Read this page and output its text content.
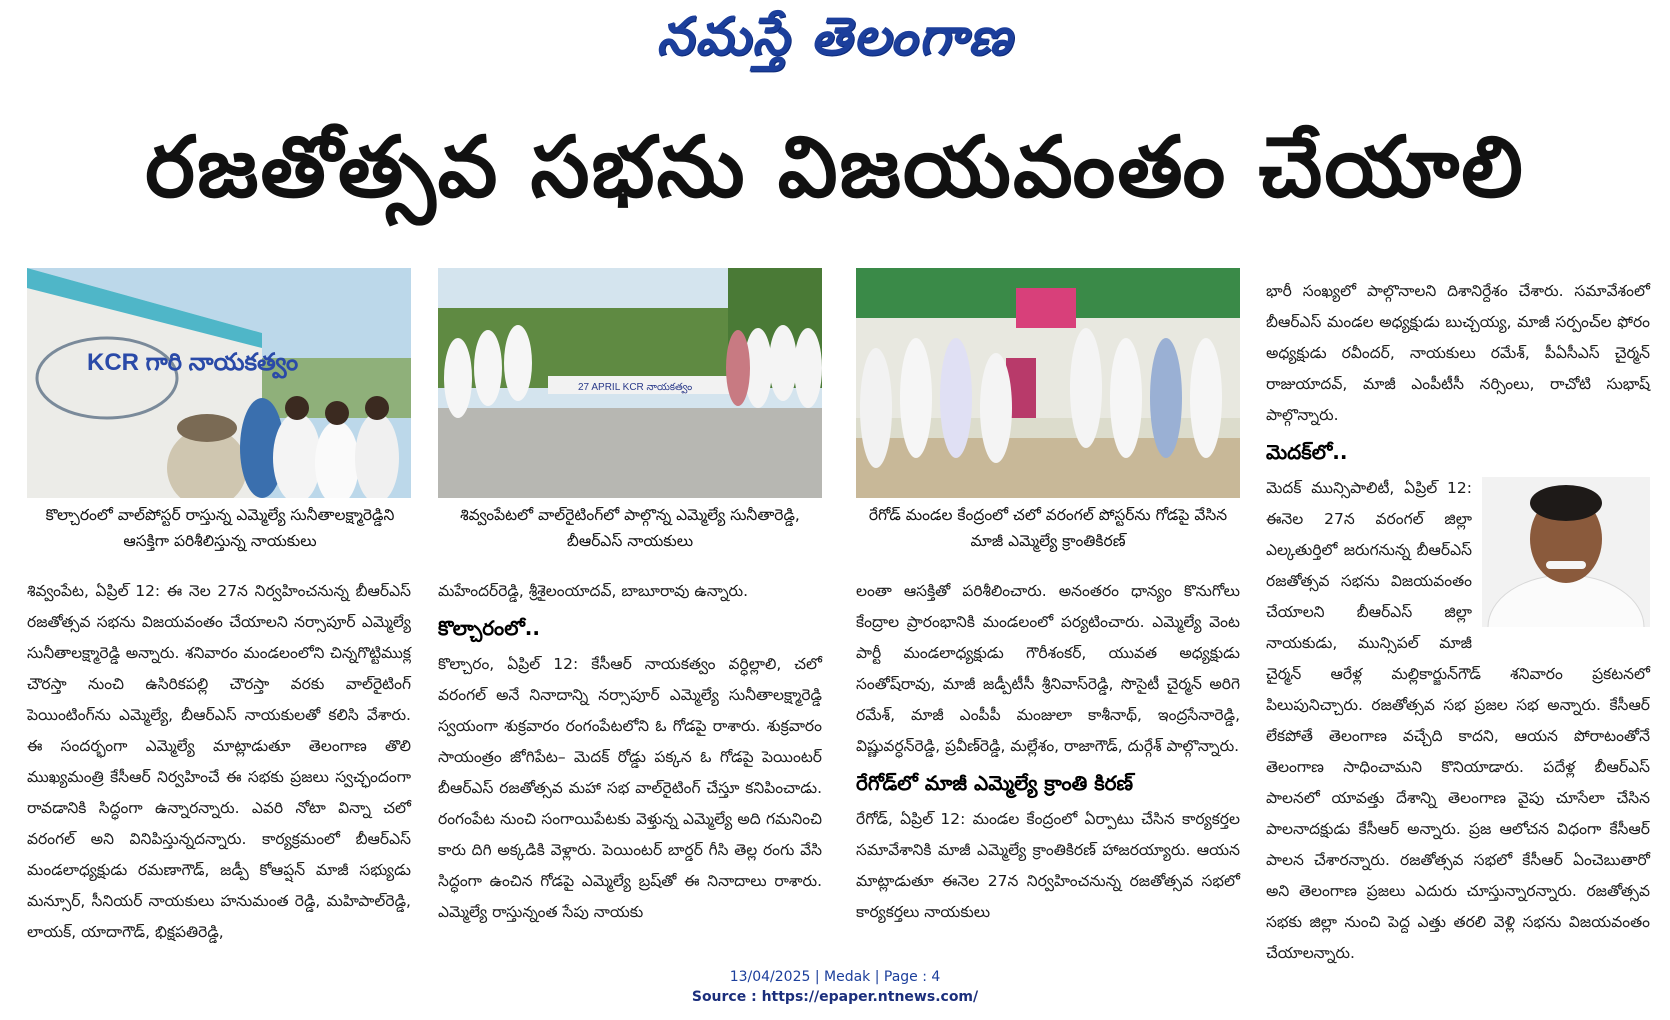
నమస్తే తెలంగాణ
రజతోత్సవ సభను విజయవంతం చేయాలి
KCR గారి నాయకత్వం
కొల్చారంలో వాల్‌పోస్టర్ రాస్తున్న ఎమ్మెల్యే సునీతాలక్ష్మారెడ్డిని ఆసక్తిగా పరిశీలిస్తున్న నాయకులు
27 APRIL KCR నాయకత్వం
శివ్వంపేటలో వాల్‌రైటింగ్‌లో పాల్గొన్న ఎమ్మెల్యే సునీతారెడ్డి, బీఆర్‌ఎస్ నాయకులు
రేగోడ్ మండల కేంద్రంలో చలో వరంగల్ పోస్టర్‌ను గోడపై వేసిన మాజీ ఎమ్మెల్యే క్రాంతికిరణ్

శివ్వంపేట, ఏప్రిల్ 12: ఈ నెల 27న నిర్వహించనున్న బీఆర్‌ఎస్ రజతోత్సవ సభను విజయవంతం చేయాలని నర్సాపూర్ ఎమ్మెల్యే సునీతాలక్ష్మారెడ్డి అన్నారు. శనివారం మండలంలోని చిన్నగొట్టిముక్ల చౌరస్తా నుంచి ఉసిరికపల్లి చౌరస్తా వరకు వాల్‌రైటింగ్ పెయింటింగ్‌ను ఎమ్మెల్యే, బీఆర్‌ఎస్ నాయకులతో కలిసి వేశారు. ఈ సందర్భంగా ఎమ్మెల్యే మాట్లాడుతూ తెలంగాణ తొలి ముఖ్యమంత్రి కేసీఆర్ నిర్వహించే ఈ సభకు ప్రజలు స్వచ్ఛందంగా రావడానికి సిద్ధంగా ఉన్నారన్నారు. ఎవరి నోటా విన్నా చలో వరంగల్ అని వినిపిస్తున్నదన్నారు. కార్యక్రమంలో బీఆర్‌ఎస్ మండలాధ్యక్షుడు రమణాగౌడ్, జడ్పీ కోఆప్షన్ మాజీ సభ్యుడు మన్సూర్, సీనియర్ నాయకులు హనుమంత రెడ్డి, మహిపాల్‌రెడ్డి, లాయక్, యాదాగౌడ్, భిక్షపతిరెడ్డి,

మహేందర్‌రెడ్డి, శ్రీశైలంయాదవ్, బాబూరావు ఉన్నారు.

కొల్చారంలో..

కొల్చారం, ఏప్రిల్ 12: కేసీఆర్ నాయకత్వం వర్ధిల్లాలి, చలో వరంగల్ అనే నినాదాన్ని నర్సాపూర్ ఎమ్మెల్యే సునీతాలక్ష్మారెడ్డి స్వయంగా శుక్రవారం రంగంపేటలోని ఓ గోడపై రాశారు. శుక్రవారం సాయంత్రం జోగిపేట– మెదక్ రోడ్డు పక్కన ఓ గోడపై పెయింటర్ బీఆర్‌ఎస్ రజతోత్సవ మహా సభ వాల్‌రైటింగ్ చేస్తూ కనిపించాడు. రంగంపేట నుంచి సంగాయిపేటకు వెళ్తున్న ఎమ్మెల్యే అది గమనించి కారు దిగి అక్కడికి వెళ్లారు. పెయింటర్ బార్డర్ గీసి తెల్ల రంగు వేసి సిద్ధంగా ఉంచిన గోడపై ఎమ్మెల్యే బ్రష్‌తో ఈ నినాదాలు రాశారు. ఎమ్మెల్యే రాస్తున్నంత సేపు నాయకు

లంతా ఆసక్తితో పరిశీలించారు. అనంతరం ధాన్యం కొనుగోలు కేంద్రాల ప్రారంభానికి మండలంలో పర్యటించారు. ఎమ్మెల్యే వెంట పార్టీ మండలాధ్యక్షుడు గౌరీశంకర్, యువత అధ్యక్షుడు సంతోష్‌రావు, మాజీ జడ్పీటీసీ శ్రీనివాస్‌రెడ్డి, సొసైటీ చైర్మన్ అరిగె రమేశ్, మాజీ ఎంపీపీ మంజులా కాశీనాథ్, ఇంద్రసేనారెడ్డి, విష్ణువర్ధన్‌రెడ్డి, ప్రవీణ్‌రెడ్డి, మల్లేశం, రాజాగౌడ్, దుర్గేశ్ పాల్గొన్నారు.

రేగోడ్‌లో మాజీ ఎమ్మెల్యే క్రాంతి కిరణ్

రేగోడ్, ఏప్రిల్ 12: మండల కేంద్రంలో ఏర్పాటు చేసిన కార్యకర్తల సమావేశానికి మాజీ ఎమ్మెల్యే క్రాంతికిరణ్ హాజరయ్యారు. ఆయన మాట్లాడుతూ ఈనెల 27న నిర్వహించనున్న రజతోత్సవ సభలో కార్యకర్తలు నాయకులు

భారీ సంఖ్యలో పాల్గొనాలని దిశానిర్దేశం చేశారు. సమావేశంలో బీఆర్‌ఎస్ మండల అధ్యక్షుడు బుచ్చయ్య, మాజీ సర్పంచ్‌ల ఫోరం అధ్యక్షుడు రవీందర్, నాయకులు రమేశ్, పీఏసీఎస్ చైర్మన్ రాజుయాదవ్, మాజీ ఎంపీటీసీ నర్సింలు, రాచోటి సుభాష్ పాల్గొన్నారు.

మెదక్‌లో..

మెదక్ మున్సిపాలిటీ, ఏప్రిల్ 12: ఈనెల 27న వరంగల్ జిల్లా ఎల్కతుర్తిలో జరుగనున్న బీఆర్‌ఎస్ రజతోత్సవ సభను విజయవంతం చేయాలని బీఆర్‌ఎస్ జిల్లా నాయకుడు, మున్సిపల్ మాజీ చైర్మన్ ఆరేళ్ల మల్లికార్జున్‌గౌడ్ శనివారం ప్రకటనలో పిలుపునిచ్చారు. రజతోత్సవ సభ ప్రజల సభ అన్నారు. కేసీఆర్ లేకపోతే తెలంగాణ వచ్చేది కాదని, ఆయన పోరాటంతోనే తెలంగాణ సాధించామని కొనియాడారు. పదేళ్ల బీఆర్‌ఎస్ పాలనలో యావత్తు దేశాన్ని తెలంగాణ వైపు చూసేలా చేసిన పాలనాదక్షుడు కేసీఆర్ అన్నారు. ప్రజ ఆలోచన విధంగా కేసీఆర్ పాలన చేశారన్నారు. రజతోత్సవ సభలో కేసీఆర్ ఏంచెబుతారో అని తెలంగాణ ప్రజలు ఎదురు చూస్తున్నారన్నారు. రజతోత్సవ సభకు జిల్లా నుంచి పెద్ద ఎత్తు తరలి వెళ్లి సభను విజయవంతం చేయాలన్నారు.

13/04/2025 | Medak | Page : 4
Source : https://epaper.ntnews.com/
